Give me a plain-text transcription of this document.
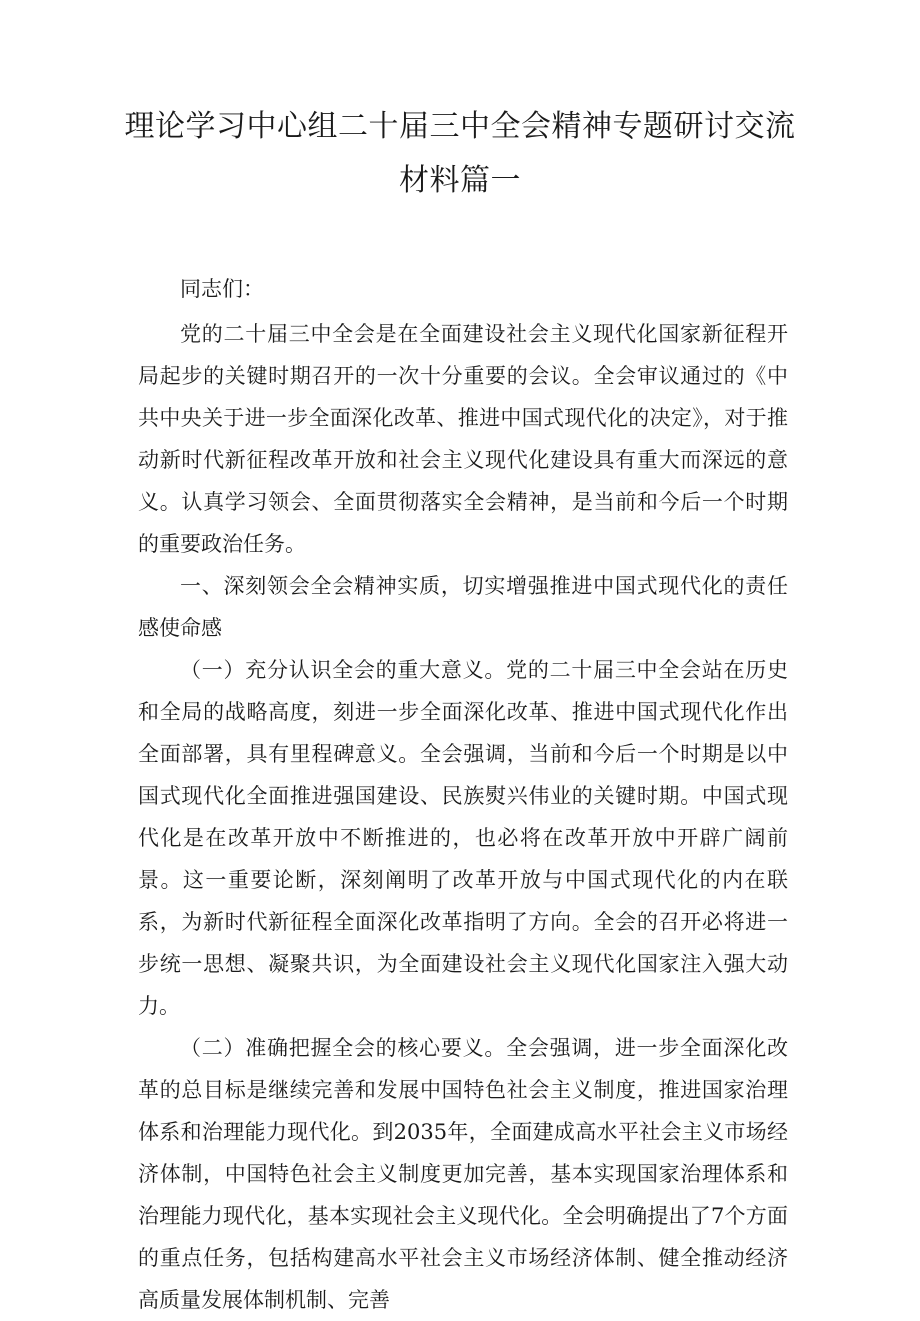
理论学习中心组二十届三中全会精神专题研讨交流
材料篇一

同志们：

党的二十届三中全会是在全面建设社会主义现代化国家新征程开局起步的关键时期召开的一次十分重要的会议。全会审议通过的《中共中央关于进一步全面深化改革、推进中国式现代化的决定》，对于推动新时代新征程改革开放和社会主义现代化建设具有重大而深远的意义。认真学习领会、全面贯彻落实全会精神，是当前和今后一个时期的重要政治任务。

一、深刻领会全会精神实质，切实增强推进中国式现代化的责任感使命感

（一）充分认识全会的重大意义。党的二十届三中全会站在历史和全局的战略高度，刻进一步全面深化改革、推进中国式现代化作出全面部署，具有里程碑意义。全会强调，当前和今后一个时期是以中国式现代化全面推进强国建设、民族熨兴伟业的关键时期。中国式现代化是在改革开放中不断推进的，也必将在改革开放中开辟广阔前景。这一重要论断，深刻阐明了改革开放与中国式现代化的内在联系，为新时代新征程全面深化改革指明了方向。全会的召开必将进一步统一思想、凝聚共识，为全面建设社会主义现代化国家注入强大动力。

（二）准确把握全会的核心要义。全会强调，进一步全面深化改革的总目标是继续完善和发展中国特色社会主义制度，推进国家治理体系和治理能力现代化。到2035年，全面建成高水平社会主义市场经济体制，中国特色社会主义制度更加完善，基本实现国家治理体系和治理能力现代化，基本实现社会主义现代化。全会明确提出了7个方面的重点任务，包括构建高水平社会主义市场经济体制、健全推动经济高质量发展体制机制、完善
